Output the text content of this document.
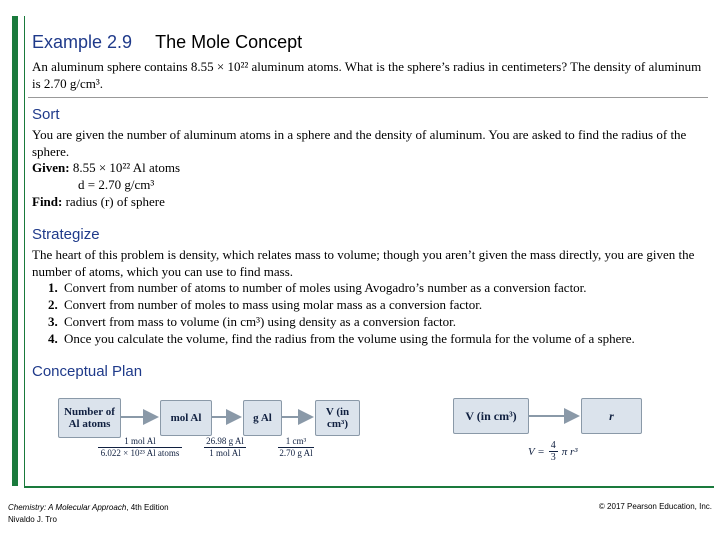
Example 2.9 The Mole Concept
An aluminum sphere contains 8.55 × 10²² aluminum atoms. What is the sphere’s radius in centimeters? The density of aluminum is 2.70 g/cm³.
Sort
You are given the number of aluminum atoms in a sphere and the density of aluminum. You are asked to find the radius of the sphere.
Given: 8.55 × 10²² Al atoms
d = 2.70 g/cm³
Find: radius (r) of sphere
Strategize
The heart of this problem is density, which relates mass to volume; though you aren’t given the mass directly, you are given the number of atoms, which you can use to find mass.
1. Convert from number of atoms to number of moles using Avogadro’s number as a conversion factor.
2. Convert from number of moles to mass using molar mass as a conversion factor.
3. Convert from mass to volume (in cm³) using density as a conversion factor.
4. Once you calculate the volume, find the radius from the volume using the formula for the volume of a sphere.
Conceptual Plan
Number of Al atoms	mol Al	g Al	V (in cm³)
1 mol Al
6.022 × 10²³ Al atoms
26.98 g Al
1 mol Al	$\frac{\text{1 cm³}}{\text{2.70 g Al}}$
V (in cm³)	r
$V = \frac{4}{3}$ π r³
Chemistry: A Molecular Approach, 4th Edition
Nivaldo J. Tro
© 2017 Pearson Education, Inc.
